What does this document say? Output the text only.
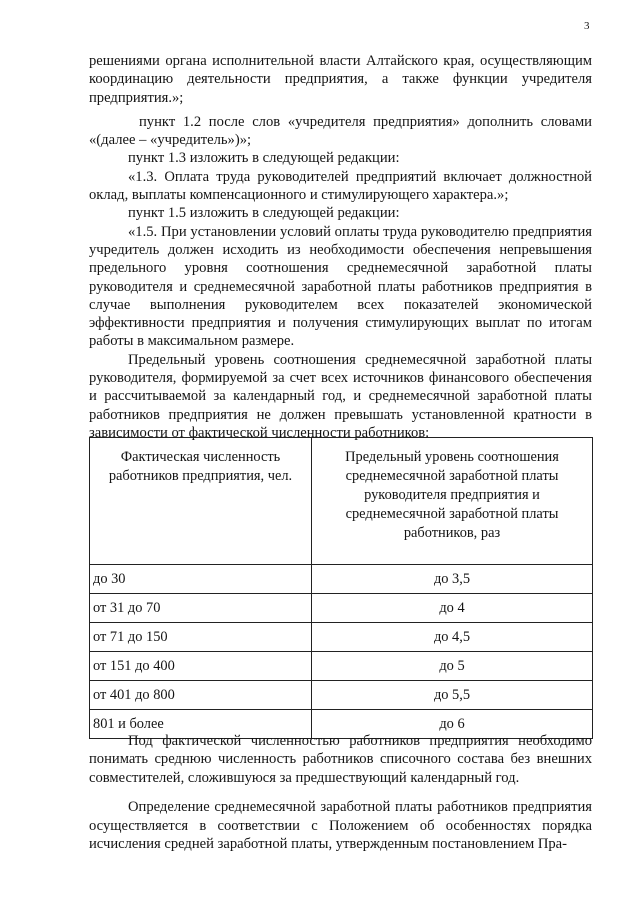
3

решениями органа исполнительной власти Алтайского края, осуществляющим координацию деятельности предприятия, а также функции учредителя предприятия.»;

пункт 1.2 после слов «учредителя предприятия» дополнить словами «(далее – «учредитель»)»;

пункт 1.3 изложить в следующей редакции:

«1.3. Оплата труда руководителей предприятий включает должностной оклад, выплаты компенсационного и стимулирующего характера.»;

пункт 1.5 изложить в следующей редакции:

«1.5. При установлении условий оплаты труда руководителю предприятия учредитель должен исходить из необходимости обеспечения непревышения предельного уровня соотношения среднемесячной заработной платы руководителя и среднемесячной заработной платы работников предприятия в случае выполнения руководителем всех показателей экономической эффективности предприятия и получения стимулирующих выплат по итогам работы в максимальном размере.

Предельный уровень соотношения среднемесячной заработной платы руководителя, формируемой за счет всех источников финансового обеспечения и рассчитываемой за календарный год, и среднемесячной заработной платы работников предприятия не должен превышать установленной кратности в зависимости от фактической численности работников:

Фактическая численность работников предприятия, чел.	Предельный уровень соотношения среднемесячной заработной платы руководителя предприятия и среднемесячной заработной платы работников, раз
до 30	до 3,5
от 31 до 70	до 4
от 71 до 150	до 4,5
от 151 до 400	до 5
от 401 до 800	до 5,5
801 и более	до 6

Под фактической численностью работников предприятия необходимо понимать среднюю численность работников списочного состава без внешних совместителей, сложившуюся за предшествующий календарный год.

Определение среднемесячной заработной платы работников предприятия осуществляется в соответствии с Положением об особенностях порядка исчисления средней заработной платы, утвержденным постановлением Пра-
